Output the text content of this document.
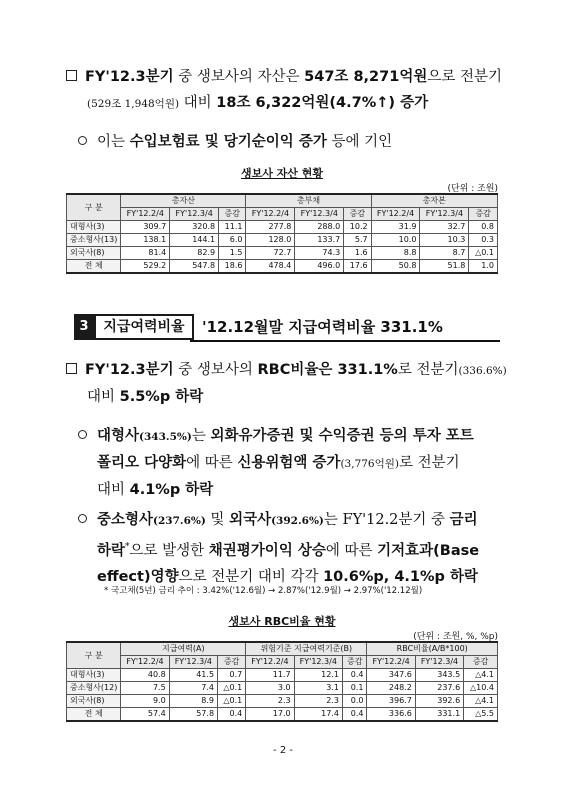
FY'12.3분기 중 생보사의 자산은 547조 8,271억원으로 전분기
(529조 1,948억원) 대비 18조 6,322억원(4.7%↑) 증가
이는 수입보험료 및 당기순이익 증가 등에 기인
생보사 자산 현황
(단위 : 조원)
구 분	총자산			총부채			총자본		
	FY'12.2/4	FY'12.3/4	증감	FY'12.2/4	FY'12.3/4	증감	FY'12.2/4	FY'12.3/4	증감
대형사(3)	309.7	320.8	11.1	277.8	288.0	10.2	31.9	32.7	0.8
중소형사(13)	138.1	144.1	6.0	128.0	133.7	5.7	10.0	10.3	0.3
외국사(8)	81.4	82.9	1.5	72.7	74.3	1.6	8.8	8.7	△0.1
전 체	529.2	547.8	18.6	478.4	496.0	17.6	50.8	51.8	1.0
3	지급여력비율	'12.12월말 지급여력비율 331.1%
FY'12.3분기 중 생보사의 RBC비율은 331.1%로 전분기(336.6%)
대비 5.5%p 하락
대형사(343.5%)는 외화유가증권 및 수익증권 등의 투자 포트
폴리오 다양화에 따른 신용위험액 증가(3,776억원)로 전분기
대비 4.1%p 하락
중소형사(237.6%) 및 외국사(392.6%)는 FY'12.2분기 중 금리
하락*으로 발생한 채권평가이익 상승에 따른 기저효과(Base
effect)영향으로 전분기 대비 각각 10.6%p, 4.1%p 하락
* 국고채(5년) 금리 추이 : 3.42%('12.6월) → 2.87%('12.9월) → 2.97%('12.12월)
생보사 RBC비율 현황
(단위 : 조원, %, %p)
구 분	지급여력(A)			위험기준 지급여력기준(B)			RBC비율(A/B*100)		
	FY'12.2/4	FY'12.3/4	증감	FY'12.2/4	FY'12.3/4	증감	FY'12.2/4	FY'12.3/4	증감
대형사(3)	40.8	41.5	0.7	11.7	12.1	0.4	347.6	343.5	△4.1
중소형사(12)	7.5	7.4	△0.1	3.0	3.1	0.1	248.2	237.6	△10.4
외국사(8)	9.0	8.9	△0.1	2.3	2.3	0.0	396.7	392.6	△4.1
전 체	57.4	57.8	0.4	17.0	17.4	0.4	336.6	331.1	△5.5
- 2 -
